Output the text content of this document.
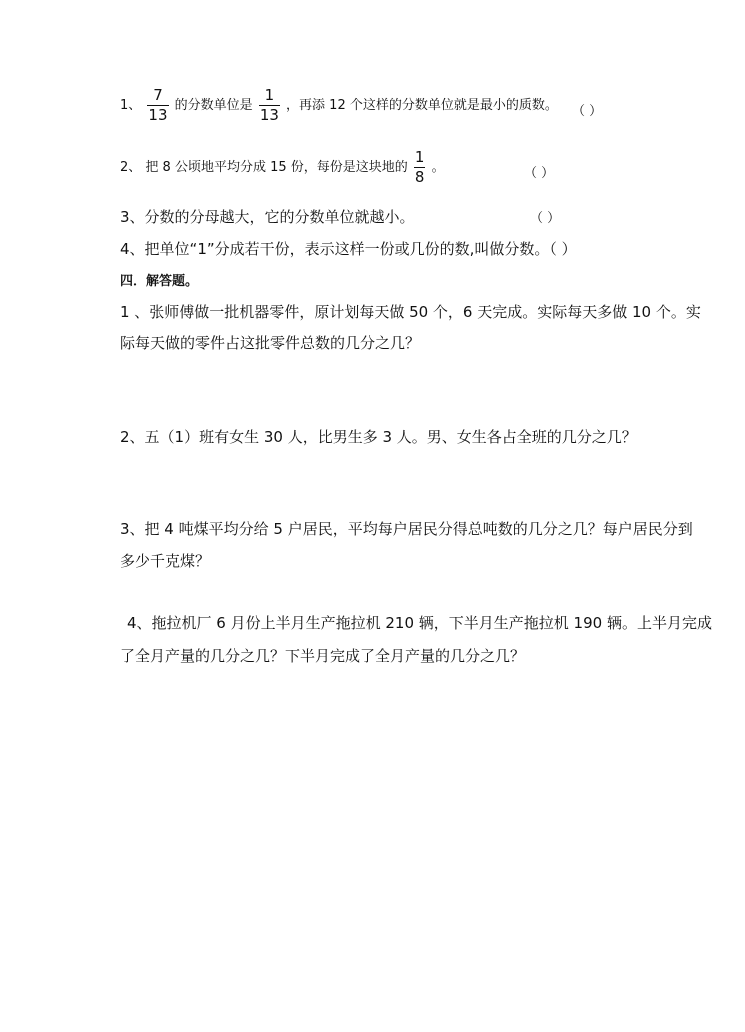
1、 $\frac{7}{13}$ 的分数单位是 $\frac{1}{13}$ ，再添 12 个这样的分数单位就是最小的质数。 （ ）
2、 把 8 公顷地平均分成 15 份，每份是这块地的 $\frac{1}{8}$ 。	（ ）
3、分数的分母越大，它的分数单位就越小。	（ ）
4、把单位“1”分成若干份，表示这样一份或几份的数,叫做分数。（ ）
四．解答题。
1 、张师傅做一批机器零件，原计划每天做 50 个，6 天完成。实际每天多做 10 个。实
际每天做的零件占这批零件总数的几分之几？
2、五（1）班有女生 30 人，比男生多 3 人。男、女生各占全班的几分之几？
3、把 4 吨煤平均分给 5 户居民，平均每户居民分得总吨数的几分之几？每户居民分到
多少千克煤？
4、拖拉机厂 6 月份上半月生产拖拉机 210 辆，下半月生产拖拉机 190 辆。上半月完成
了全月产量的几分之几？下半月完成了全月产量的几分之几？
